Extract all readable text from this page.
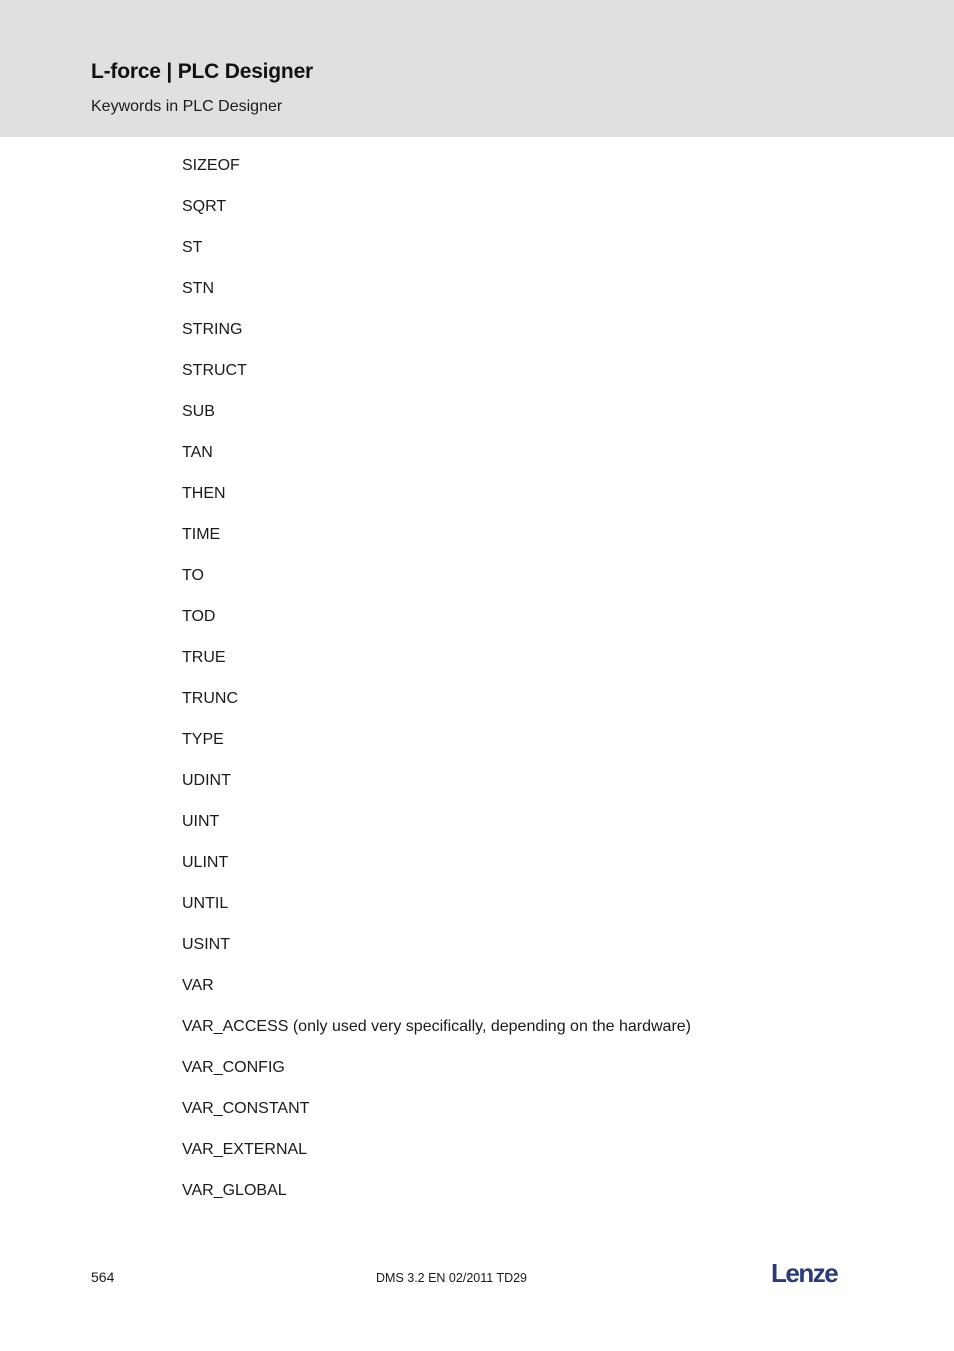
L-force | PLC Designer
Keywords in PLC Designer
SIZEOF
SQRT
ST
STN
STRING
STRUCT
SUB
TAN
THEN
TIME
TO
TOD
TRUE
TRUNC
TYPE
UDINT
UINT
ULINT
UNTIL
USINT
VAR
VAR_ACCESS (only used very specifically, depending on the hardware)
VAR_CONFIG
VAR_CONSTANT
VAR_EXTERNAL
VAR_GLOBAL
564	DMS 3.2 EN 02/2011 TD29	Lenze
